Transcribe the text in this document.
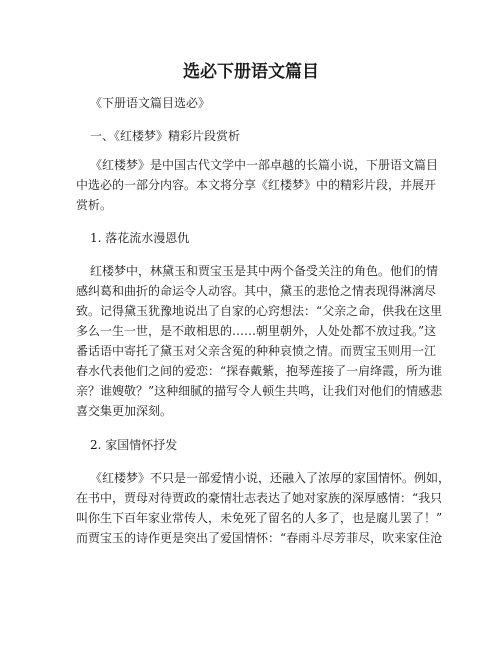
选必下册语文篇目
《下册语文篇目选必》
一、《红楼梦》精彩片段赏析
《红楼梦》是中国古代文学中一部卓越的长篇小说，下册语文篇目
中选必的一部分内容。本文将分享《红楼梦》中的精彩片段，并展开
赏析。
1. 落花流水漫恩仇
红楼梦中，林黛玉和贾宝玉是其中两个备受关注的角色。他们的情
感纠葛和曲折的命运令人动容。其中，黛玉的悲怆之情表现得淋漓尽
致。记得黛玉犹豫地说出了自家的心窍想法：“父亲之命，供我在这里
多么一生一世，是不敢相思的……朝里朝外，人处处都不放过我。”这
番话语中寄托了黛玉对父亲含冤的种种哀愤之情。而贾宝玉则用一江
春水代表他们之间的爱恋：“探春戴紫，抱琴莲接了一肩绛霞，所为谁
亲？谁嫂敬？”这种细腻的描写令人顿生共鸣，让我们对他们的情感悲
喜交集更加深刻。
2. 家国情怀抒发
《红楼梦》不只是一部爱情小说，还融入了浓厚的家国情怀。例如，
在书中，贾母对待贾政的豪情壮志表达了她对家族的深厚感情：“我只
叫你生下百年家业常传人，未免死了留名的人多了，也是腐儿罢了！”
而贾宝玉的诗作更是突出了爱国情怀：“春雨斗尽芳菲尽，吹来家住沧
